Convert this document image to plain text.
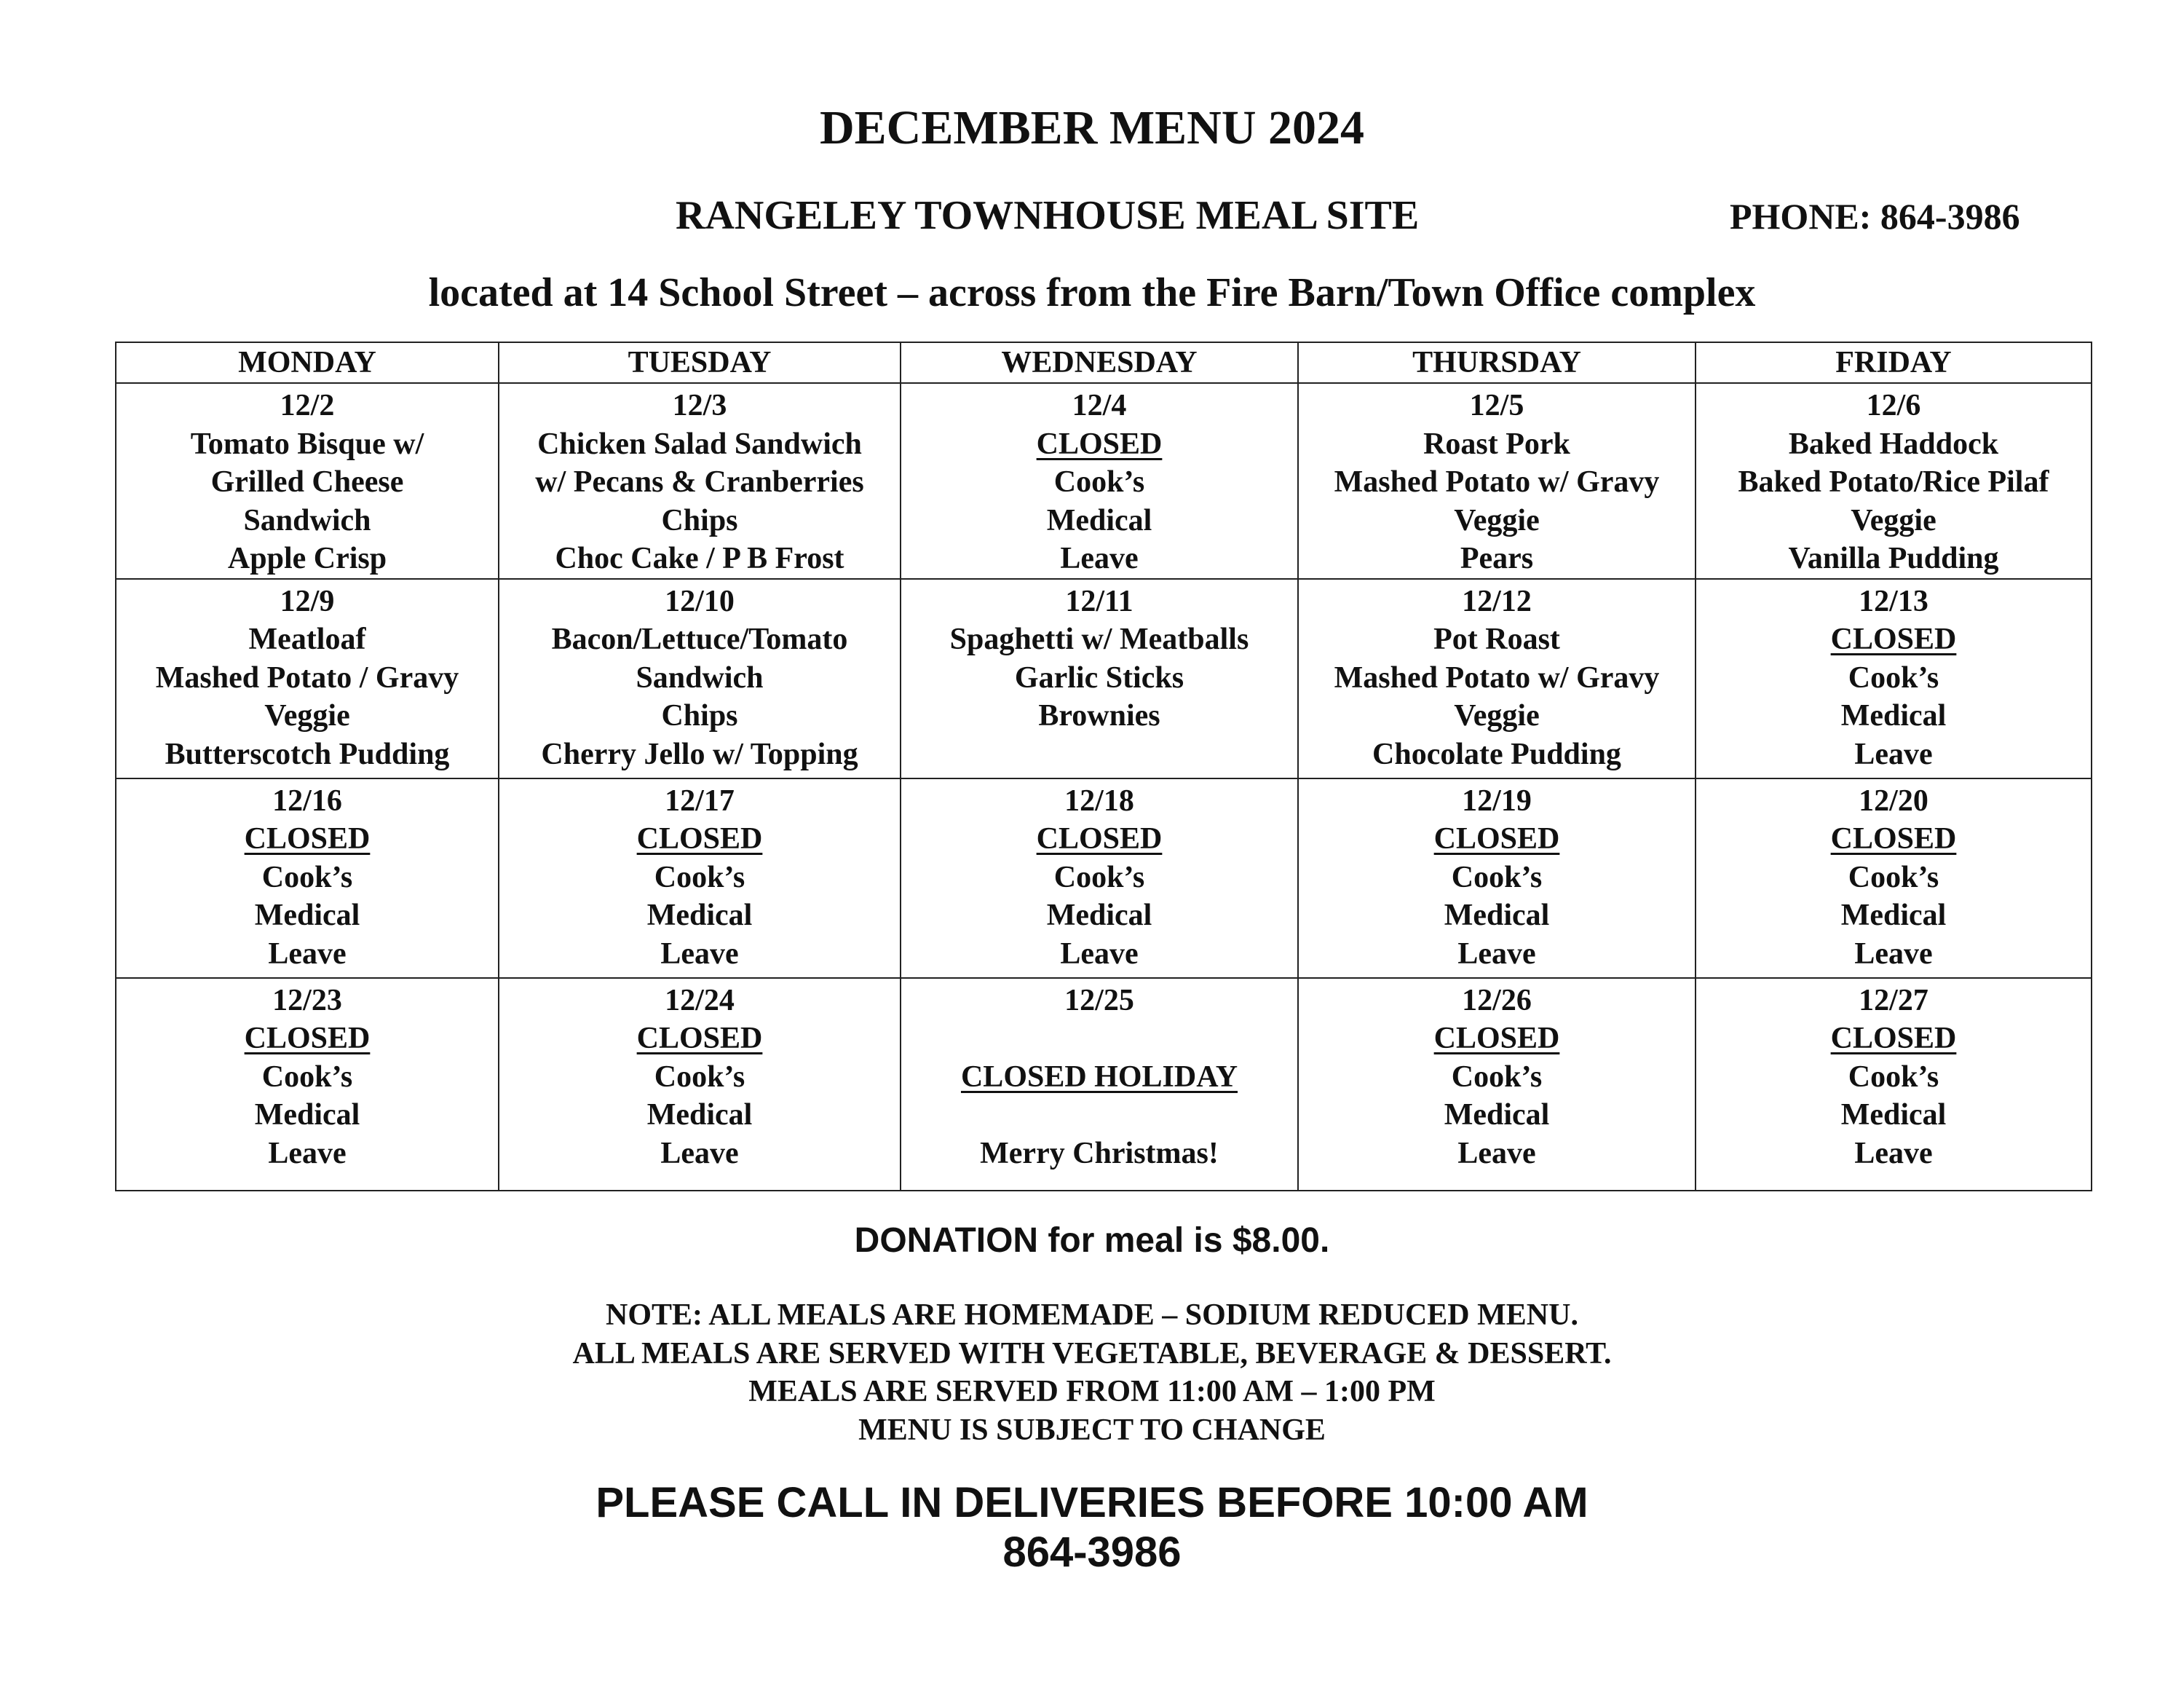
DECEMBER MENU 2024
RANGELEY TOWNHOUSE MEAL SITE	PHONE: 864-3986
located at 14 School Street – across from the Fire Barn/Town Office complex
MONDAY	TUESDAY	WEDNESDAY	THURSDAY	FRIDAY

12/2
Tomato Bisque w/
Grilled Cheese
Sandwich
Apple Crisp	12/3
Chicken Salad Sandwich
w/ Pecans & Cranberries
Chips
Choc Cake / P B Frost	12/4
CLOSED
Cook’s
Medical
Leave	12/5
Roast Pork
Mashed Potato w/ Gravy
Veggie
Pears	12/6
Baked Haddock
Baked Potato/Rice Pilaf
Veggie
Vanilla Pudding

12/9
Meatloaf
Mashed Potato / Gravy
Veggie
Butterscotch Pudding	12/10
Bacon/Lettuce/Tomato
Sandwich
Chips
Cherry Jello w/ Topping	12/11
Spaghetti w/ Meatballs
Garlic Sticks
Brownies	12/12
Pot Roast
Mashed Potato w/ Gravy
Veggie
Chocolate Pudding	12/13
CLOSED
Cook’s
Medical
Leave

12/16
CLOSED
Cook’s
Medical
Leave	12/17
CLOSED
Cook’s
Medical
Leave	12/18
CLOSED
Cook’s
Medical
Leave	12/19
CLOSED
Cook’s
Medical
Leave	12/20
CLOSED
Cook’s
Medical
Leave

12/23
CLOSED
Cook’s
Medical
Leave	12/24
CLOSED
Cook’s
Medical
Leave	12/25
CLOSED HOLIDAY
Merry Christmas!	12/26
CLOSED
Cook’s
Medical
Leave	12/27
CLOSED
Cook’s
Medical
Leave
DONATION for meal is $8.00.
NOTE: ALL MEALS ARE HOMEMADE – SODIUM REDUCED MENU.
ALL MEALS ARE SERVED WITH VEGETABLE, BEVERAGE & DESSERT.
MEALS ARE SERVED FROM 11:00 AM – 1:00 PM
MENU IS SUBJECT TO CHANGE
PLEASE CALL IN DELIVERIES BEFORE 10:00 AM
864-3986
